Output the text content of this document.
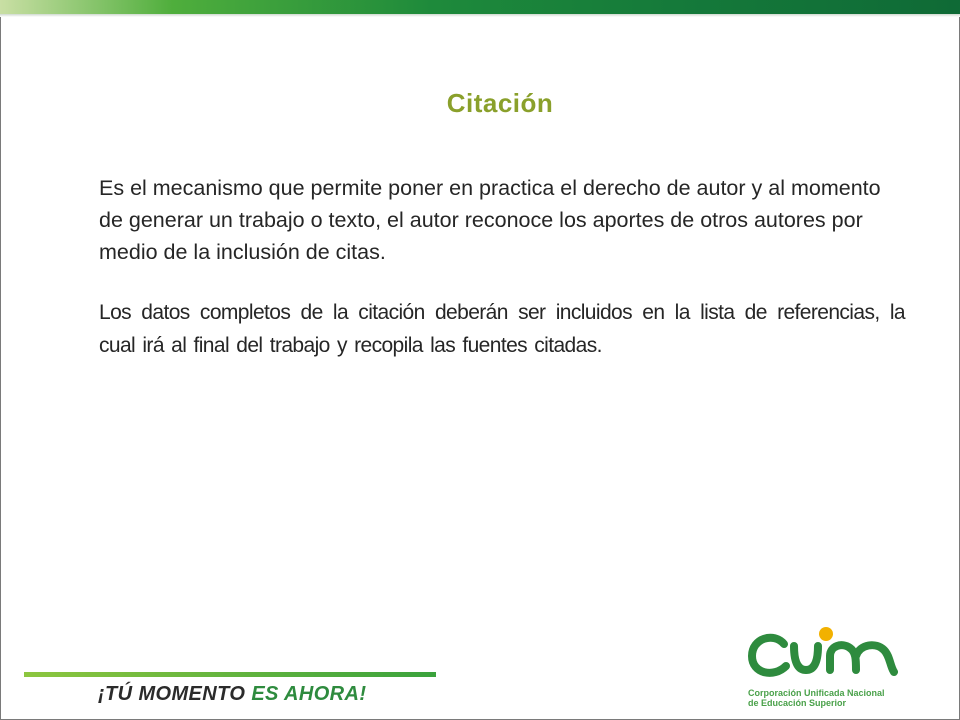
Citación
Es el mecanismo que permite poner en practica el derecho de autor y al momento de generar un trabajo o texto, el autor reconoce los aportes de otros autores por medio de la inclusión de citas.
Los datos completos de la citación deberán ser incluidos en la lista de referencias, la cual irá al final del trabajo y recopila las fuentes citadas.
¡TÚ MOMENTO ES AHORA!	Corporación Unificada Nacional
de Educación Superior
